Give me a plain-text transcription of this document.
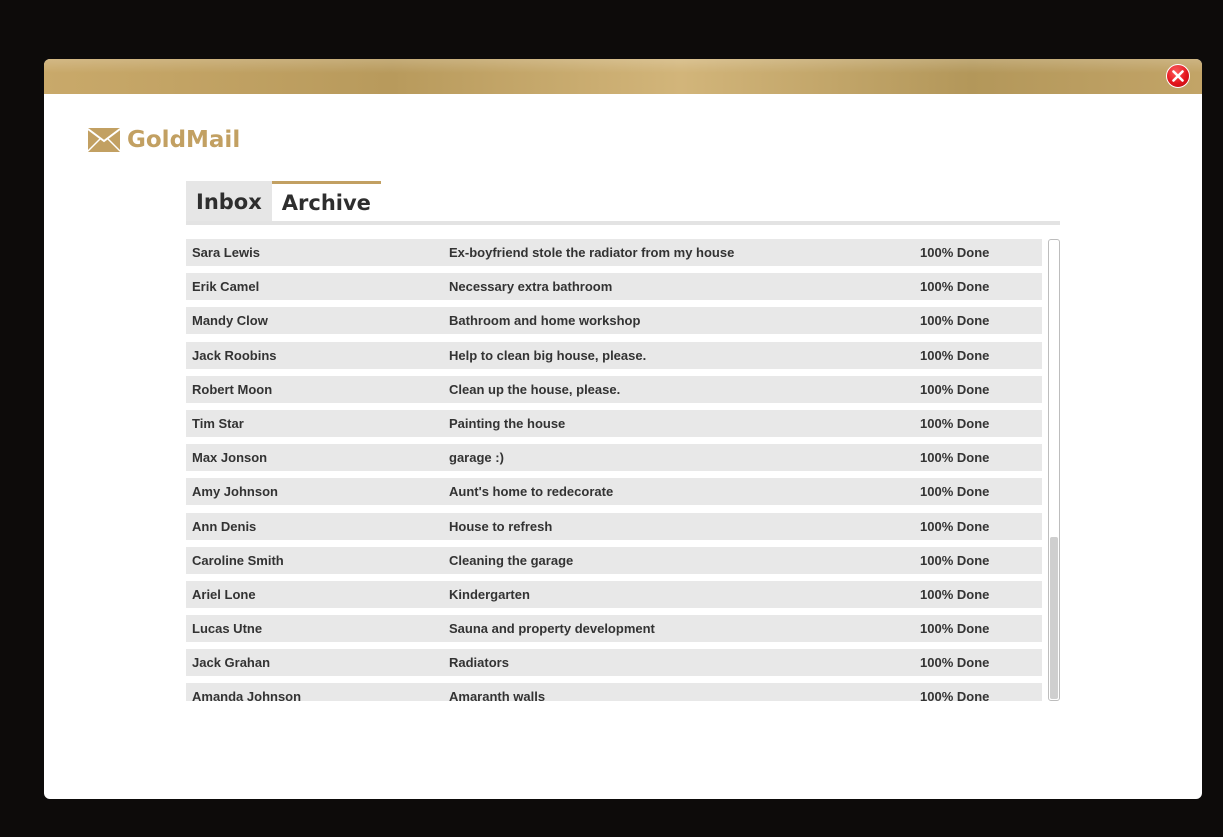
GoldMail
Inbox Archive
Sara Lewis	Ex-boyfriend stole the radiator from my house	100% Done
Erik Camel	Necessary extra bathroom	100% Done
Mandy Clow	Bathroom and home workshop	100% Done
Jack Roobins	Help to clean big house, please.	100% Done
Robert Moon	Clean up the house, please.	100% Done
Tim Star	Painting the house	100% Done
Max Jonson	garage :)	100% Done
Amy Johnson	Aunt's home to redecorate	100% Done
Ann Denis	House to refresh	100% Done
Caroline Smith	Cleaning the garage	100% Done
Ariel Lone	Kindergarten	100% Done
Lucas Utne	Sauna and property development	100% Done
Jack Grahan	Radiators	100% Done
Amanda Johnson	Amaranth walls	100% Done
